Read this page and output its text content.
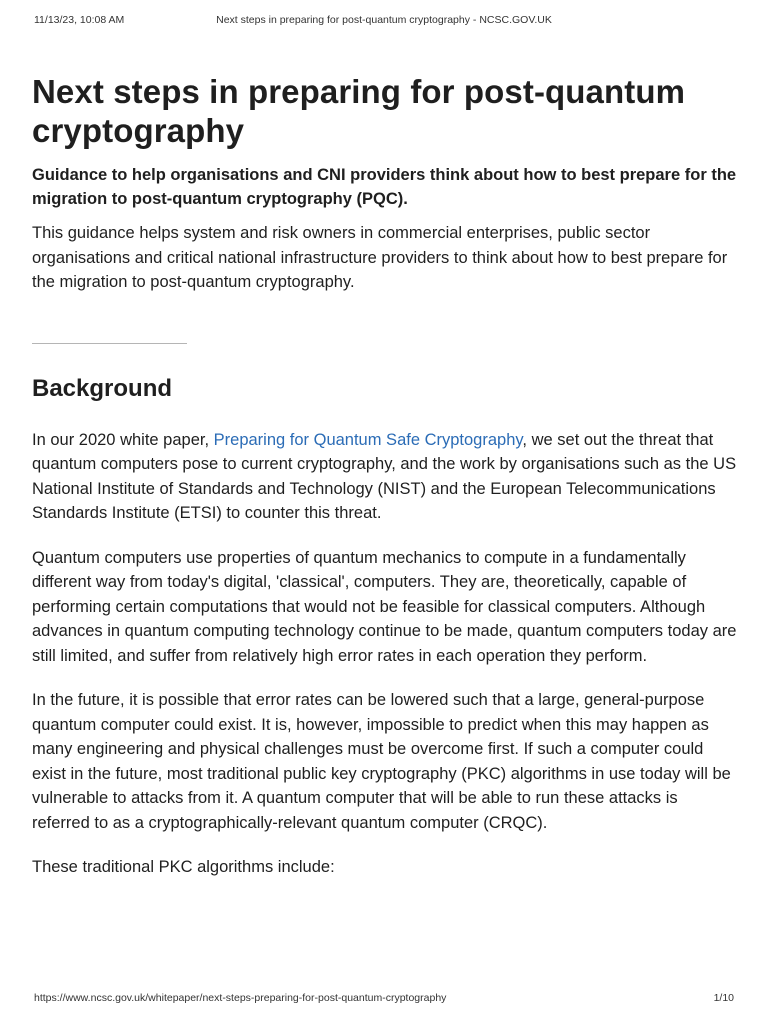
11/13/23, 10:08 AM	Next steps in preparing for post-quantum cryptography - NCSC.GOV.UK
Next steps in preparing for post-quantum cryptography

Guidance to help organisations and CNI providers think about how to best prepare for the migration to post-quantum cryptography (PQC).

This guidance helps system and risk owners in commercial enterprises, public sector organisations and critical national infrastructure providers to think about how to best prepare for the migration to post-quantum cryptography.

Background

In our 2020 white paper, Preparing for Quantum Safe Cryptography, we set out the threat that quantum computers pose to current cryptography, and the work by organisations such as the US National Institute of Standards and Technology (NIST) and the European Telecommunications Standards Institute (ETSI) to counter this threat.

Quantum computers use properties of quantum mechanics to compute in a fundamentally different way from today's digital, 'classical', computers. They are, theoretically, capable of performing certain computations that would not be feasible for classical computers. Although advances in quantum computing technology continue to be made, quantum computers today are still limited, and suffer from relatively high error rates in each operation they perform.

In the future, it is possible that error rates can be lowered such that a large, general-purpose quantum computer could exist. It is, however, impossible to predict when this may happen as many engineering and physical challenges must be overcome first. If such a computer could exist in the future, most traditional public key cryptography (PKC) algorithms in use today will be vulnerable to attacks from it. A quantum computer that will be able to run these attacks is referred to as a cryptographically-relevant quantum computer (CRQC).

These traditional PKC algorithms include:

https://www.ncsc.gov.uk/whitepaper/next-steps-preparing-for-post-quantum-cryptography	1/10
